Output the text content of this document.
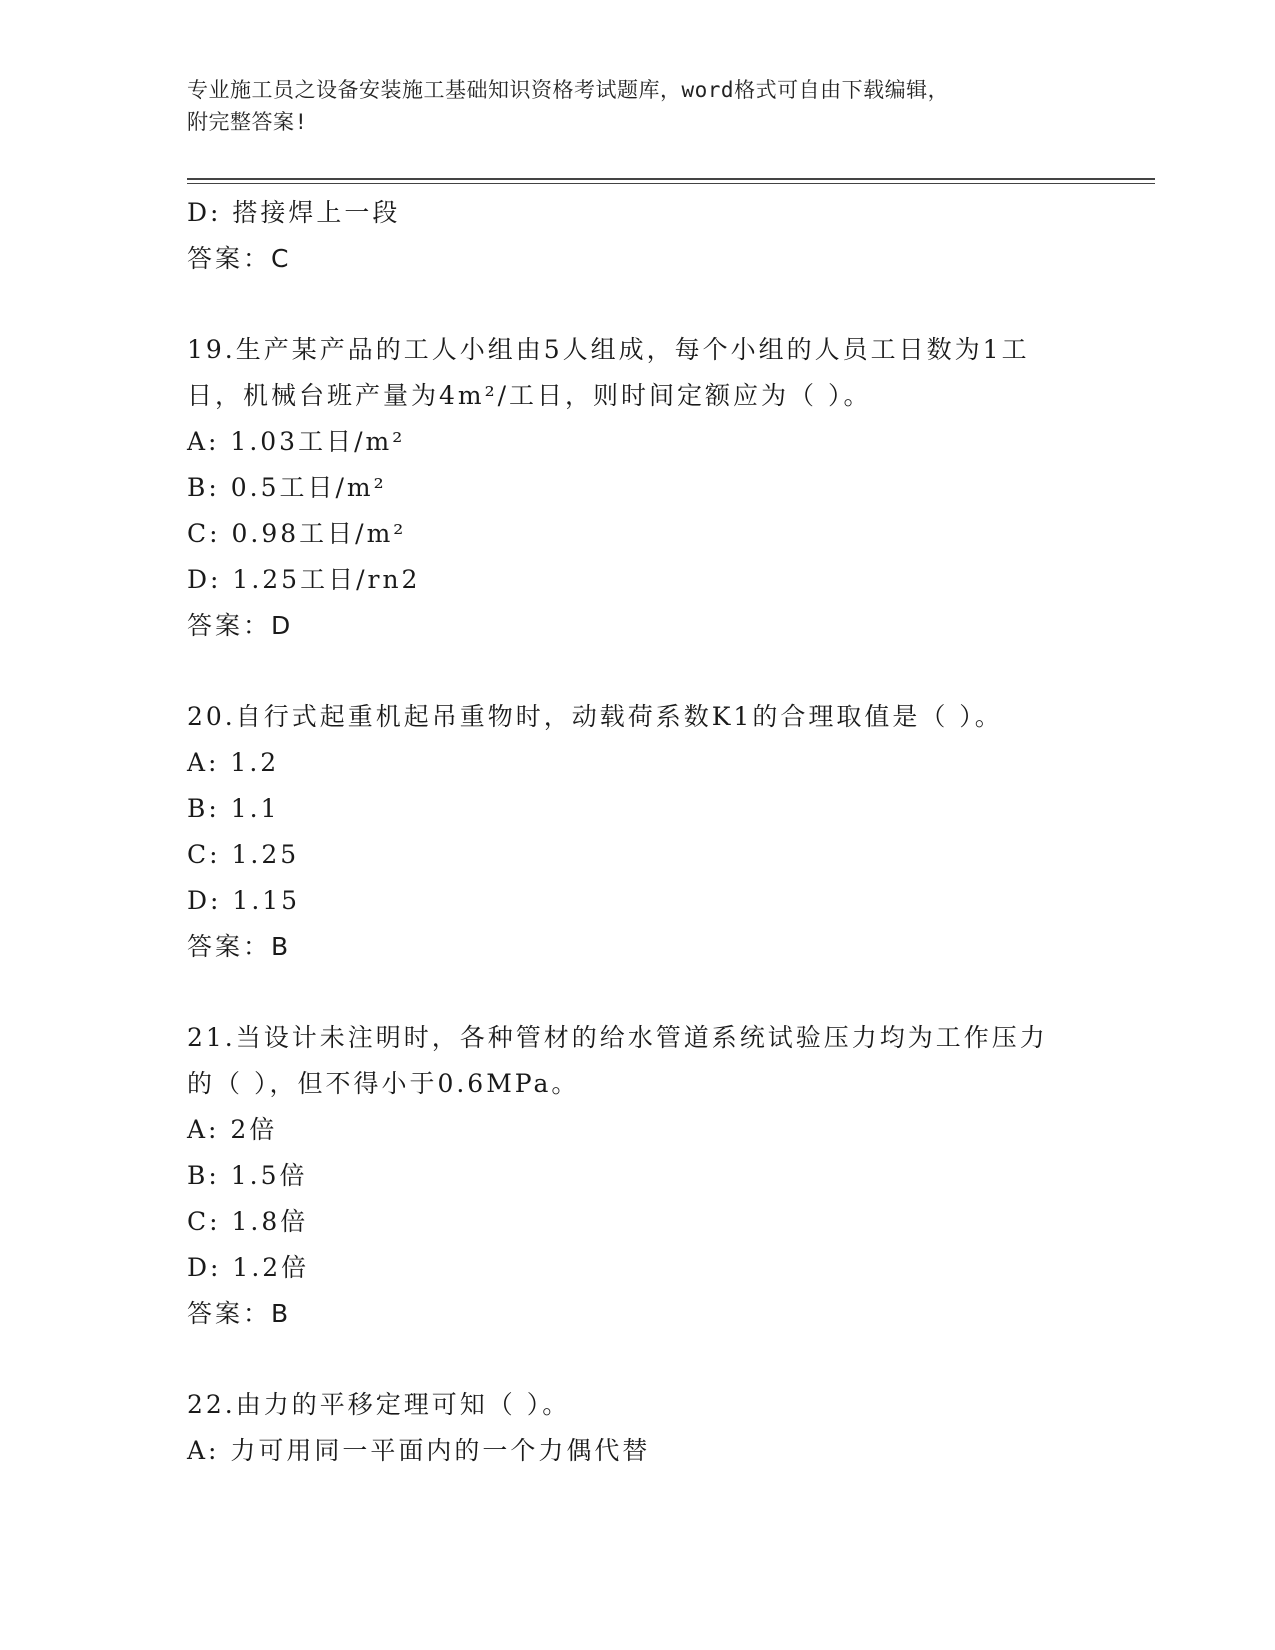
专业施工员之设备安装施工基础知识资格考试题库，word格式可自由下载编辑，
附完整答案!
D: 搭接焊上一段
答案：C
19.生产某产品的工人小组由5人组成，每个小组的人员工日数为1工
日，机械台班产量为4m²/工日，则时间定额应为（ ）。
A: 1.03工日/m²
B: 0.5工日/m²
C: 0.98工日/m²
D: 1.25工日/rn2
答案：D
20.自行式起重机起吊重物时，动载荷系数K1的合理取值是（ ）。
A: 1.2
B: 1.1
C: 1.25
D: 1.15
答案：B
21.当设计未注明时，各种管材的给水管道系统试验压力均为工作压力
的（ ），但不得小于0.6MPa。
A: 2倍
B: 1.5倍
C: 1.8倍
D: 1.2倍
答案：B
22.由力的平移定理可知（ ）。
A: 力可用同一平面内的一个力偶代替
